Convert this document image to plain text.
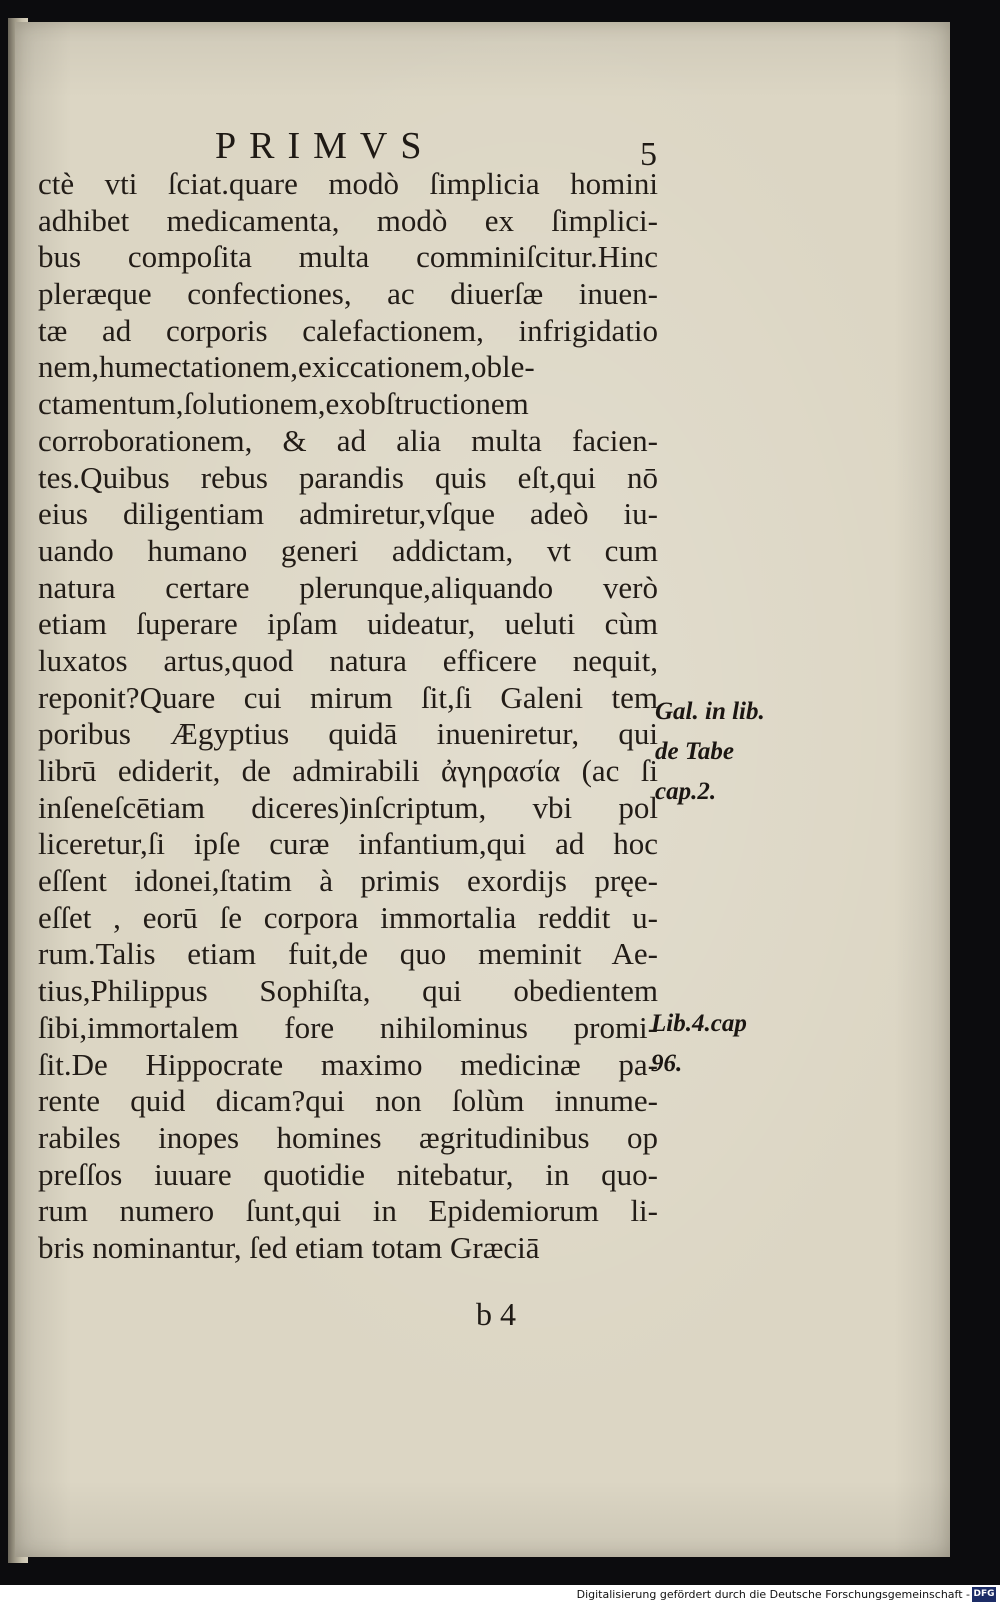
PRIMVS	5
ctè vti ſciat.quare modò ſimplicia homini
adhibet medicamenta, modò ex ſimplici-
bus compoſita multa comminiſcitur.Hinc
pleræque confectiones, ac diuerſæ inuen-
tæ ad corporis calefactionem, infrigidatio
nem,humectationem,exiccationem,oble-
ctamentum,ſolutionem,exobſtructionem
corroborationem, & ad alia multa facien-
tes.Quibus rebus parandis quis eſt,qui nō
eius diligentiam admiretur,vſque adeò iu-
uando humano generi addictam, vt cum
natura certare plerunque,aliquando verò
etiam ſuperare ipſam uideatur, ueluti cùm
luxatos artus,quod natura efficere nequit,
reponit?Quare cui mirum ſit,ſi Galeni tem
poribus Ægyptius quidā inueniretur, qui
librū ediderit, de admirabili ἀγηρασία (ac ſi
inſeneſcētiam diceres)inſcriptum, vbi pol
liceretur,ſi ipſe curæ infantium,qui ad hoc
eſſent idonei,ſtatim à primis exordijs pręe-
eſſet , eorū ſe corpora immortalia reddit u-
rum.Talis etiam fuit,de quo meminit Ae-
tius,Philippus Sophiſta, qui obedientem
ſibi,immortalem fore nihilominus promi-
ſit.De Hippocrate maximo medicinæ pa-
rente quid dicam?qui non ſolùm innume-
rabiles inopes homines ægritudinibus op
preſſos iuuare quotidie nitebatur, in quo-
rum numero ſunt,qui in Epidemiorum li-
bris nominantur, ſed etiam totam Græciā
Gal. in lib.
de Tabe
cap.2.
Lib.4.cap
96.
b 4
Digitalisierung gefördert durch die Deutsche Forschungsgemeinschaft - DFG
